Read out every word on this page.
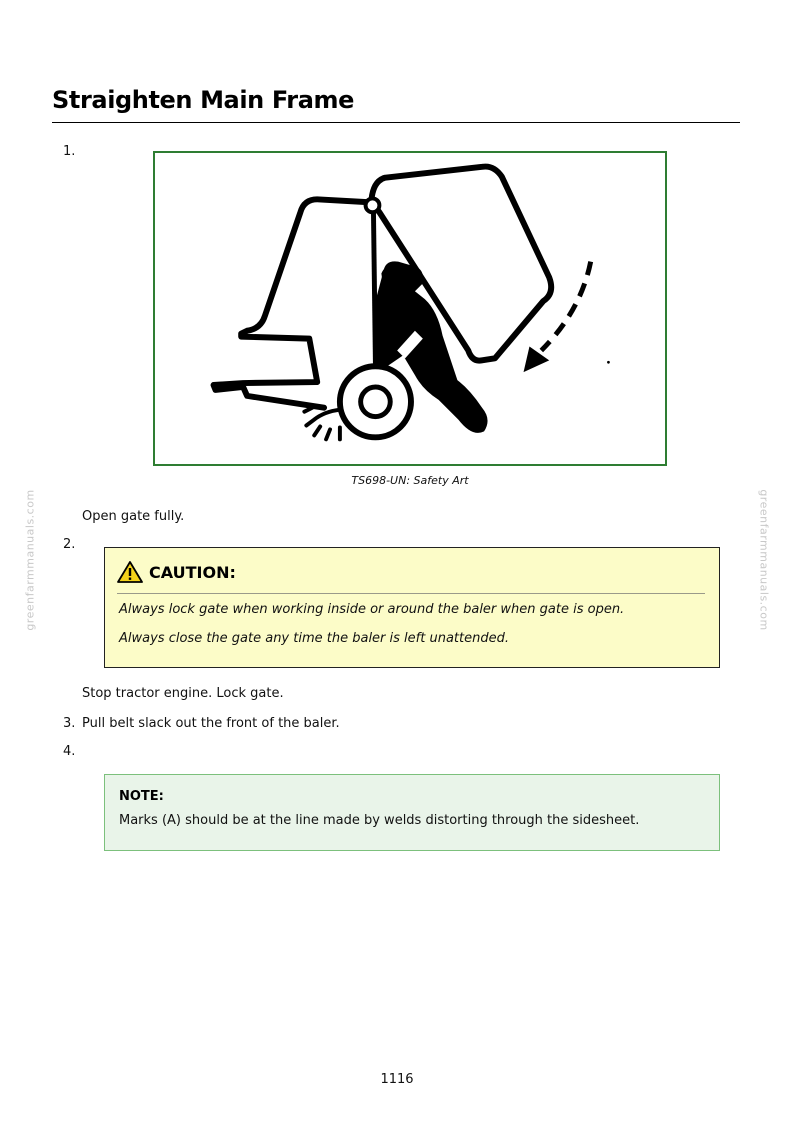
Straighten Main Frame
1.
TS698-UN: Safety Art
Open gate fully.
2.
CAUTION:
Always lock gate when working inside or around the baler when gate is open.
Always close the gate any time the baler is left unattended.
Stop tractor engine. Lock gate.
3. Pull belt slack out the front of the baler.
4.
NOTE:
Marks (A) should be at the line made by welds distorting through the sidesheet.
greenfarmmanuals.com	greenfarmmanuals.com
1116
